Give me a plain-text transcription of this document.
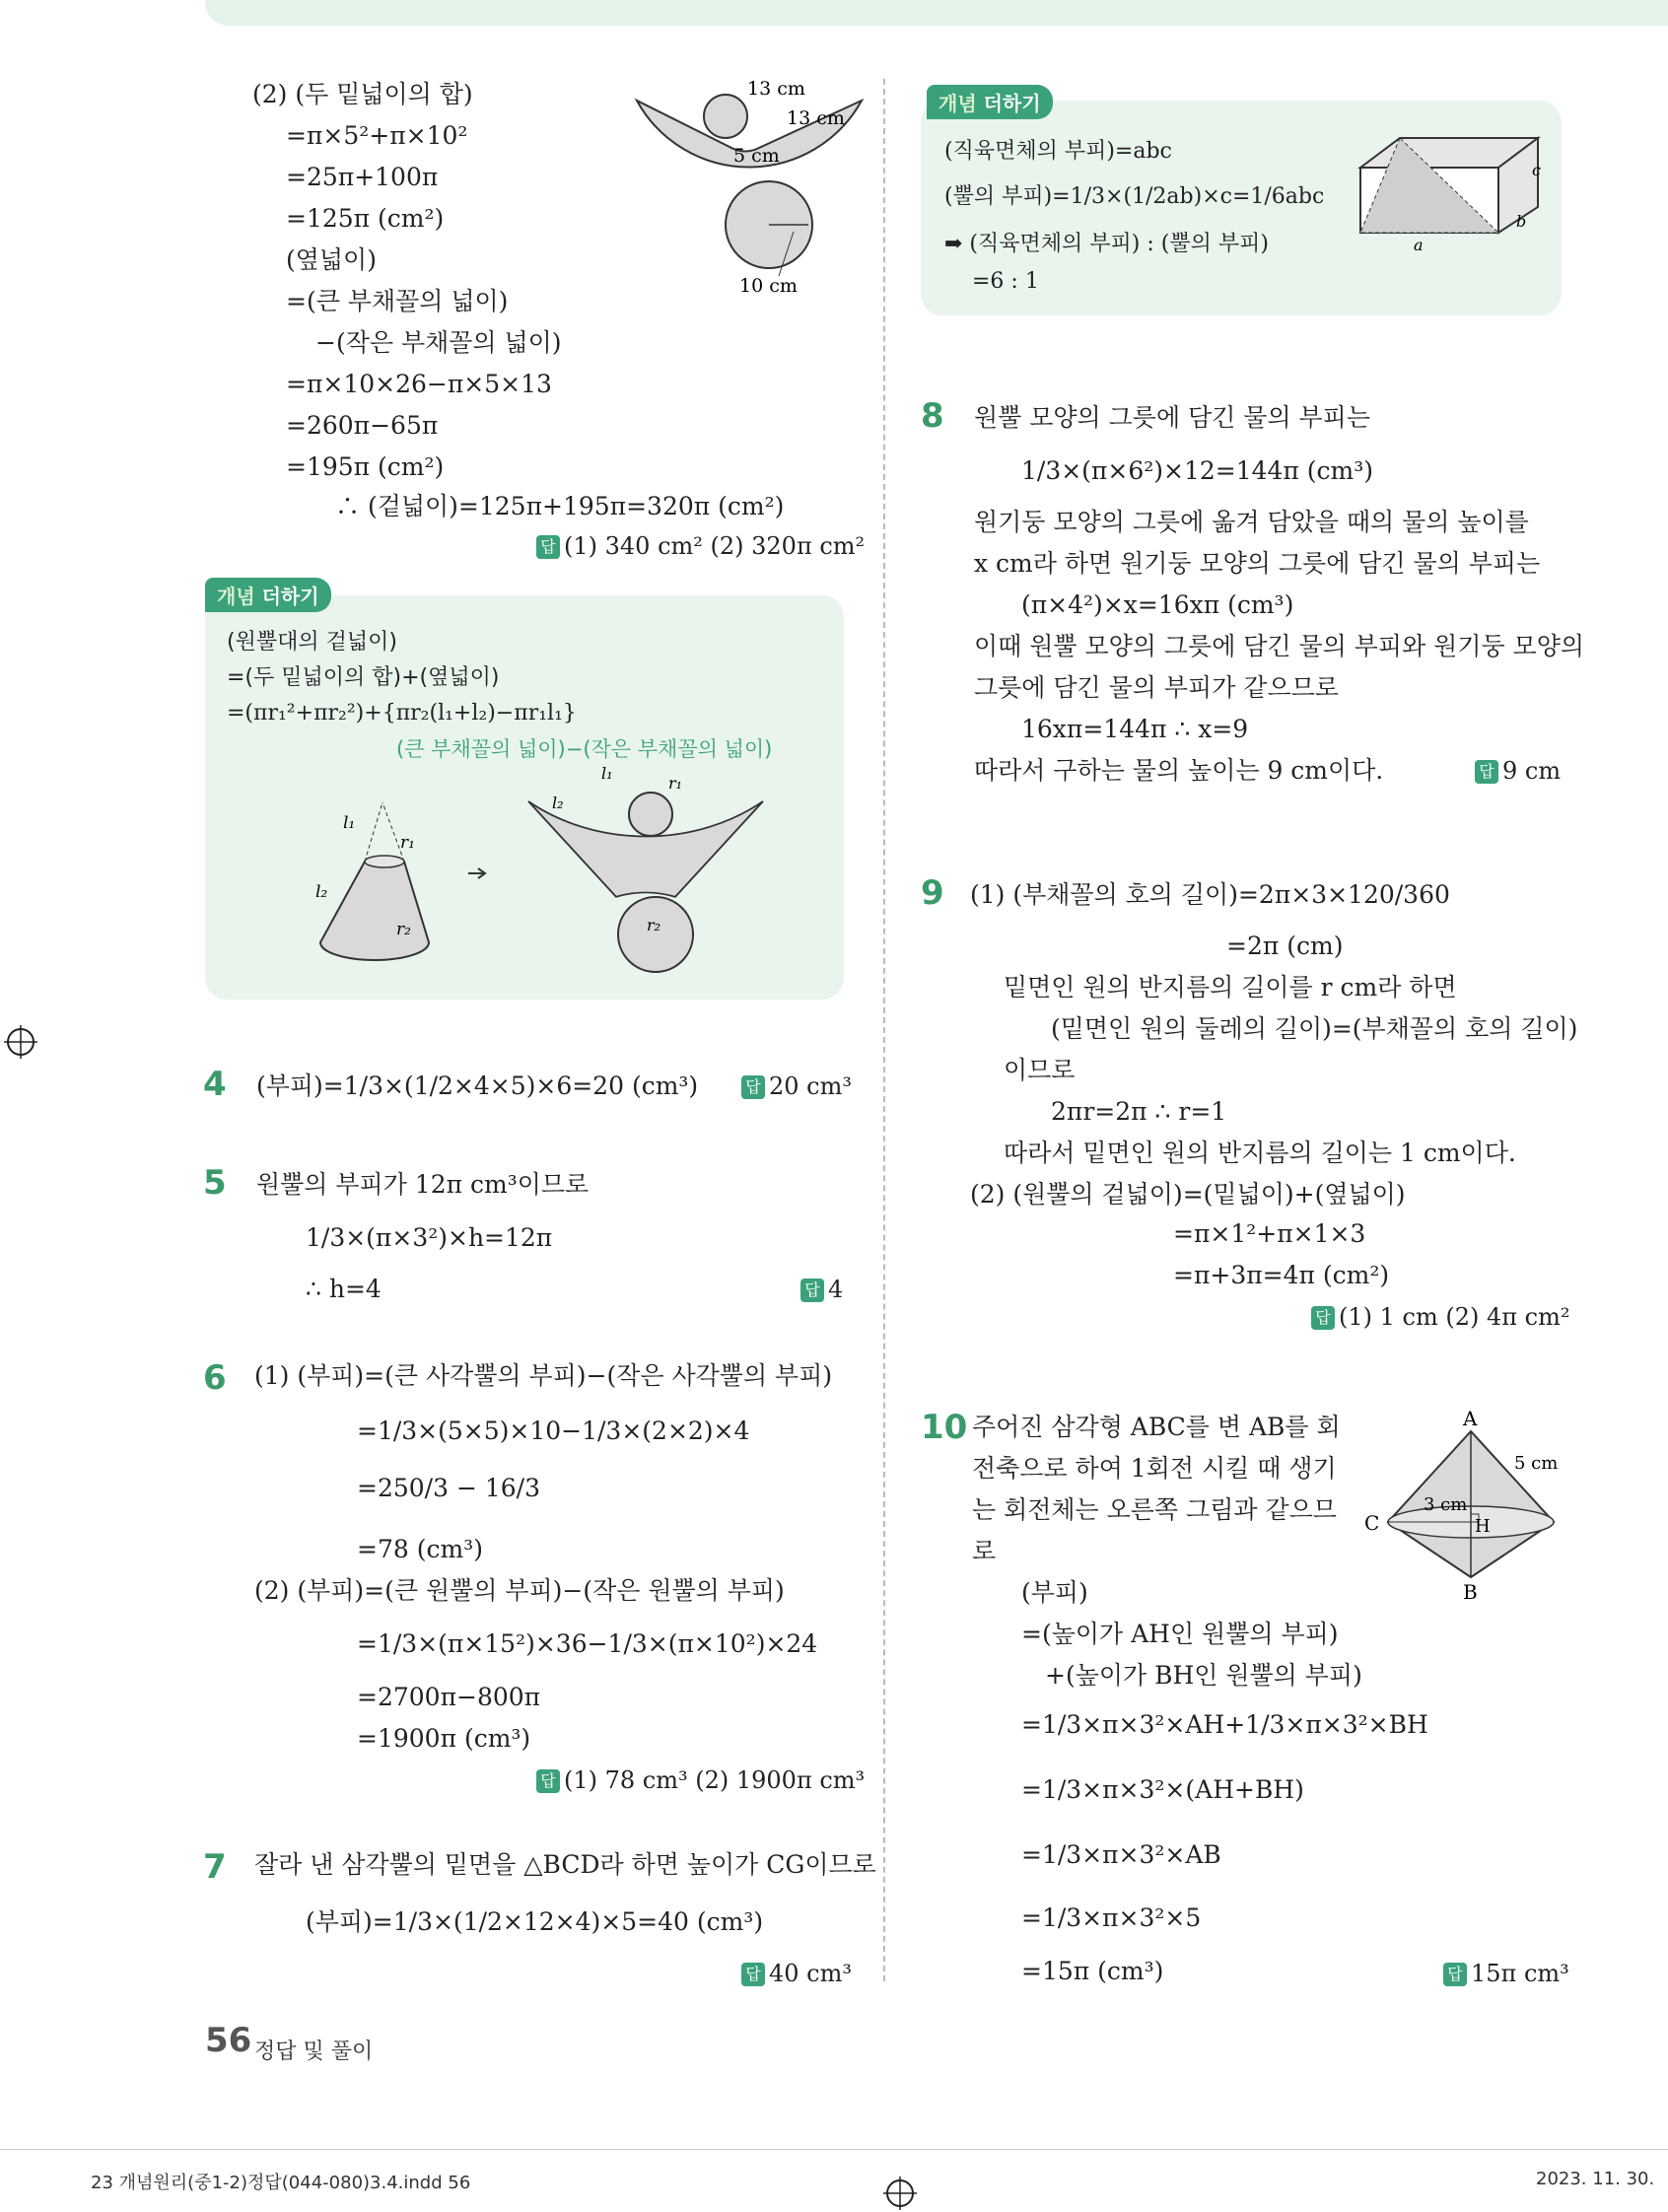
(2) (두 밑넓이의 합)
=π×5²+π×10²
=25π+100π
=125π (cm²)
(옆넓이)
=(큰 부채꼴의 넓이)
−(작은 부채꼴의 넓이)
=π×10×26−π×5×13
=260π−65π
=195π (cm²)
∴ (겉넓이)=125π+195π=320π (cm²)
답 (1) 340 cm² (2) 320π cm²
13 cm
13 cm
5 cm
10 cm
개념 더하기
(원뿔대의 겉넓이)
=(두 밑넓이의 합)+(옆넓이)
=(πr₁²+πr₂²)+{πr₂(l₁+l₂)−πr₁l₁}
(큰 부채꼴의 넓이)−(작은 부채꼴의 넓이)
l₁
l₂
r₁
r₂
l₁
l₂
r₁
r₂
4 (부피)=1/3×(1/2×4×5)×6=20 (cm³)	답 20 cm³
5 원뿔의 부피가 12π cm³이므로
1/3×(π×3²)×h=12π
∴ h=4	답 4
6 (1) (부피)=(큰 사각뿔의 부피)−(작은 사각뿔의 부피)
=1/3×(5×5)×10−1/3×(2×2)×4
=250/3 − 16/3
=78 (cm³)
(2) (부피)=(큰 원뿔의 부피)−(작은 원뿔의 부피)
=1/3×(π×15²)×36−1/3×(π×10²)×24
=2700π−800π
=1900π (cm³)
답 (1) 78 cm³ (2) 1900π cm³
7 잘라 낸 삼각뿔의 밑면을 △BCD라 하면 높이가 CG이므로
(부피)=1/3×(1/2×12×4)×5=40 (cm³)
답 40 cm³
개념 더하기
(직육면체의 부피)=abc
(뿔의 부피)=1/3×(1/2ab)×c=1/6abc
➡ (직육면체의 부피) : (뿔의 부피)
=6 : 1
a
b
c
8 원뿔 모양의 그릇에 담긴 물의 부피는
1/3×(π×6²)×12=144π (cm³)
원기둥 모양의 그릇에 옮겨 담았을 때의 물의 높이를
x cm라 하면 원기둥 모양의 그릇에 담긴 물의 부피는
(π×4²)×x=16xπ (cm³)
이때 원뿔 모양의 그릇에 담긴 물의 부피와 원기둥 모양의
그릇에 담긴 물의 부피가 같으므로
16xπ=144π ∴ x=9
따라서 구하는 물의 높이는 9 cm이다.	답 9 cm
9 (1) (부채꼴의 호의 길이)=2π×3×120/360
=2π (cm)
밑면인 원의 반지름의 길이를 r cm라 하면
(밑면인 원의 둘레의 길이)=(부채꼴의 호의 길이)
이므로
2πr=2π ∴ r=1
따라서 밑면인 원의 반지름의 길이는 1 cm이다.
(2) (원뿔의 겉넓이)=(밑넓이)+(옆넓이)
=π×1²+π×1×3
=π+3π=4π (cm²)
답 (1) 1 cm (2) 4π cm²
10 주어진 삼각형 ABC를 변 AB를 회
전축으로 하여 1회전 시킬 때 생기
는 회전체는 오른쪽 그림과 같으므
로
(부피)
=(높이가 AH인 원뿔의 부피)
+(높이가 BH인 원뿔의 부피)
=1/3×π×3²×AH+1/3×π×3²×BH
=1/3×π×3²×(AH+BH)
=1/3×π×3²×AB
=1/3×π×3²×5
=15π (cm³)	답 15π cm³
A
B
C	H
3 cm
5 cm
56 정답 및 풀이
23 개념원리(중1-2)정답(044-080)3.4.indd 56	2023. 11. 30.
